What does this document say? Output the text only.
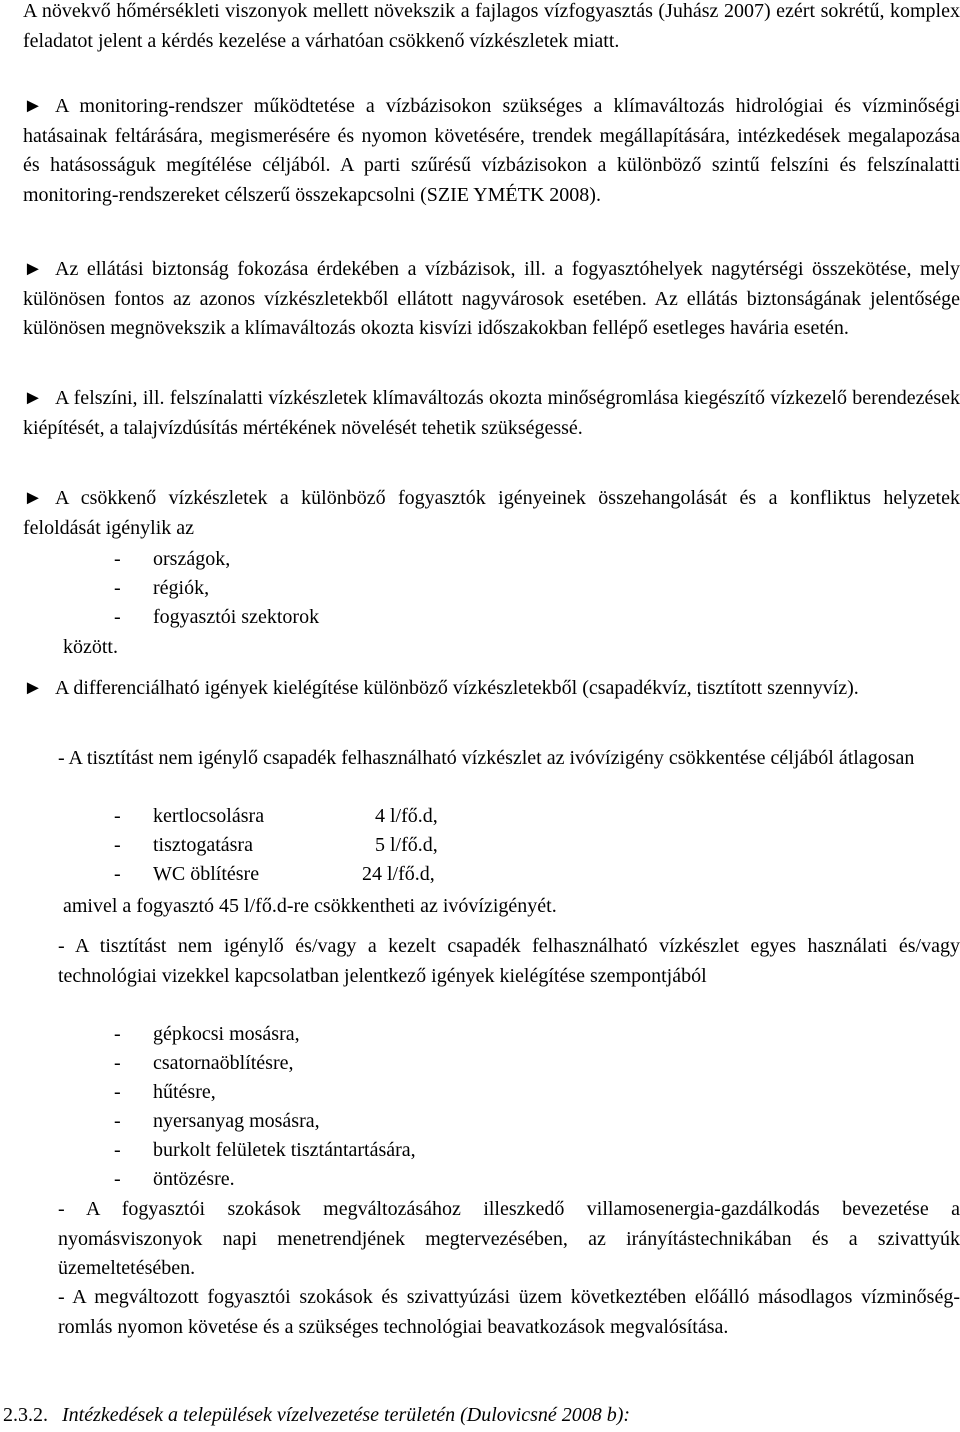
A növekvő hőmérsékleti viszonyok mellett növekszik a fajlagos vízfogyasztás (Juhász 2007) ezért sokrétű, komplex feladatot jelent a kérdés kezelése a várhatóan csökkenő vízkészletek miatt.

► A monitoring-rendszer működtetése a vízbázisokon szükséges a klímaváltozás hidrológiai és vízminőségi hatásainak feltárására, megismerésére és nyomon követésére, trendek megállapítására, intézkedések megalapozása és hatásosságuk megítélése céljából. A parti szűrésű vízbázisokon a különböző szintű felszíni és felszínalatti monitoring-rendszereket célszerű összekapcsolni (SZIE YMÉTK 2008).

► Az ellátási biztonság fokozása érdekében a vízbázisok, ill. a fogyasztóhelyek nagytérségi összekötése, mely különösen fontos az azonos vízkészletekből ellátott nagyvárosok esetében. Az ellátás biztonságának jelentősége különösen megnövekszik a klímaváltozás okozta kisvízi időszakokban fellépő esetleges havária esetén.

► A felszíni, ill. felszínalatti vízkészletek klímaváltozás okozta minőségromlása kiegészítő vízkezelő berendezések kiépítését, a talajvízdúsítás mértékének növelését tehetik szükségessé.

► A csökkenő vízkészletek a különböző fogyasztók igényeinek összehangolását és a konfliktus helyzetek feloldását igénylik az

- országok,
- régiók,
- fogyasztói szektorok
között.

► A differenciálható igények kielégítése különböző vízkészletekből (csapadékvíz, tisztított szennyvíz).

- A tisztítást nem igénylő csapadék felhasználható vízkészlet az ivóvízigény csökkentése céljából átlagosan

- kertlocsolásra	4 l/fő.d,
- tisztogatásra	5 l/fő.d,
- WC öblítésre	24 l/fő.d,
amivel a fogyasztó 45 l/fő.d-re csökkentheti az ivóvízigényét.

- A tisztítást nem igénylő és/vagy a kezelt csapadék felhasználható vízkészlet egyes használati és/vagy technológiai vizekkel kapcsolatban jelentkező igények kielégítése szempontjából

- gépkocsi mosásra,
- csatornaöblítésre,
- hűtésre,
- nyersanyag mosásra,
- burkolt felületek tisztántartására,
- öntözésre.

- A fogyasztói szokások megváltozásához illeszkedő villamosenergia-gazdálkodás bevezetése a nyomásviszonyok napi menetrendjének megtervezésében, az irányítástechnikában és a szivattyúk üzemeltetésében.

- A megváltozott fogyasztói szokások és szivattyúzási üzem következtében előálló másodlagos vízminőség-romlás nyomon követése és a szükséges technológiai beavatkozások megvalósítása.

2.3.2. Intézkedések a települések vízelvezetése területén (Dulovicsné 2008 b):
